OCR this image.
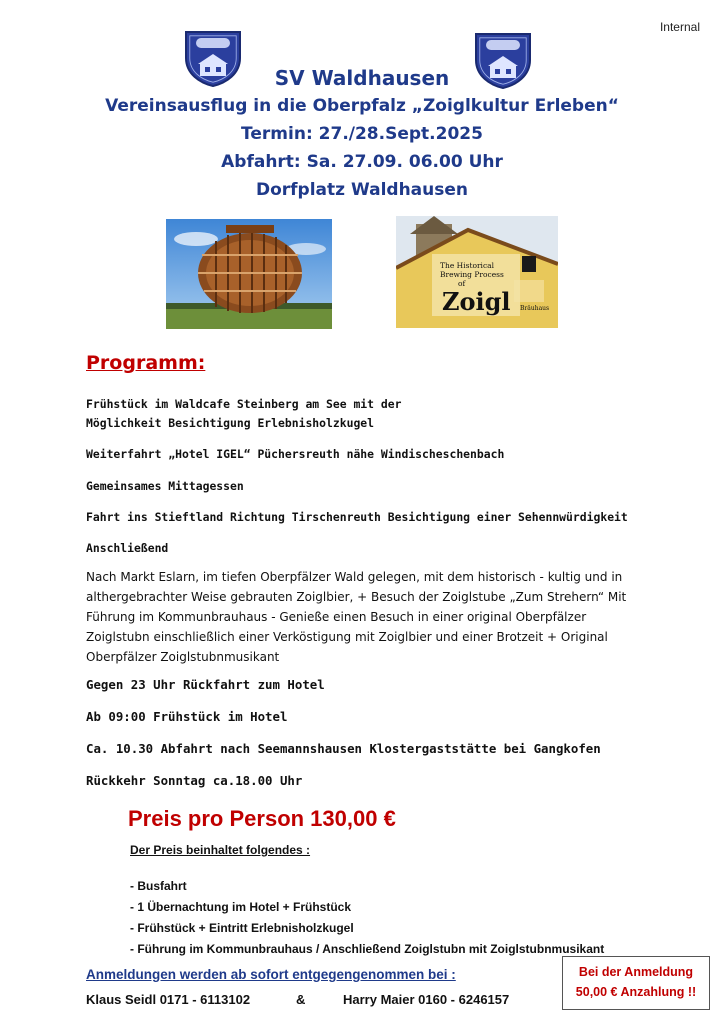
Internal
SV Waldhausen
Vereinsausflug in die Oberpfalz „Zoiglkultur Erleben“
Termin: 27./28.Sept.2025
Abfahrt: Sa. 27.09. 06.00 Uhr
Dorfplatz Waldhausen
The Historical
Brewing Process
of
Zoigl Bräuhaus
Programm:
Frühstück im Waldcafe Steinberg am See mit der
Möglichkeit Besichtigung Erlebnisholzkugel
Weiterfahrt „Hotel IGEL“ Püchersreuth nähe Windischeschenbach
Gemeinsames Mittagessen
Fahrt ins Stieftland Richtung Tirschenreuth Besichtigung einer Sehennwürdigkeit
Anschließend
Nach Markt Eslarn, im tiefen Oberpfälzer Wald gelegen, mit dem historisch - kultig und in althergebrachter Weise gebrauten Zoiglbier, + Besuch der Zoiglstube „Zum Strehern“ Mit Führung im Kommunbrauhaus - Genieße einen Besuch in einer original Oberpfälzer Zoiglstubn einschließlich einer Verköstigung mit Zoiglbier und einer Brotzeit + Original Oberpfälzer Zoiglstubnmusikant
Gegen 23 Uhr Rückfahrt zum Hotel
Ab 09:00 Frühstück im Hotel
Ca. 10.30 Abfahrt nach Seemannshausen Klostergaststätte bei Gangkofen
Rückkehr Sonntag ca.18.00 Uhr
Preis pro Person 130,00 €
Der Preis beinhaltet folgendes :
- Busfahrt
- 1 Übernachtung im Hotel + Frühstück
- Frühstück + Eintritt Erlebnisholzkugel
- Führung im Kommunbrauhaus / Anschließend Zoiglstubn mit Zoiglstubnmusikant
Anmeldungen werden ab sofort entgegengenommen bei :
Klaus Seidl 0171 - 6113102	&	Harry Maier 0160 - 6246157
Bei der Anmeldung
50,00 € Anzahlung !!
